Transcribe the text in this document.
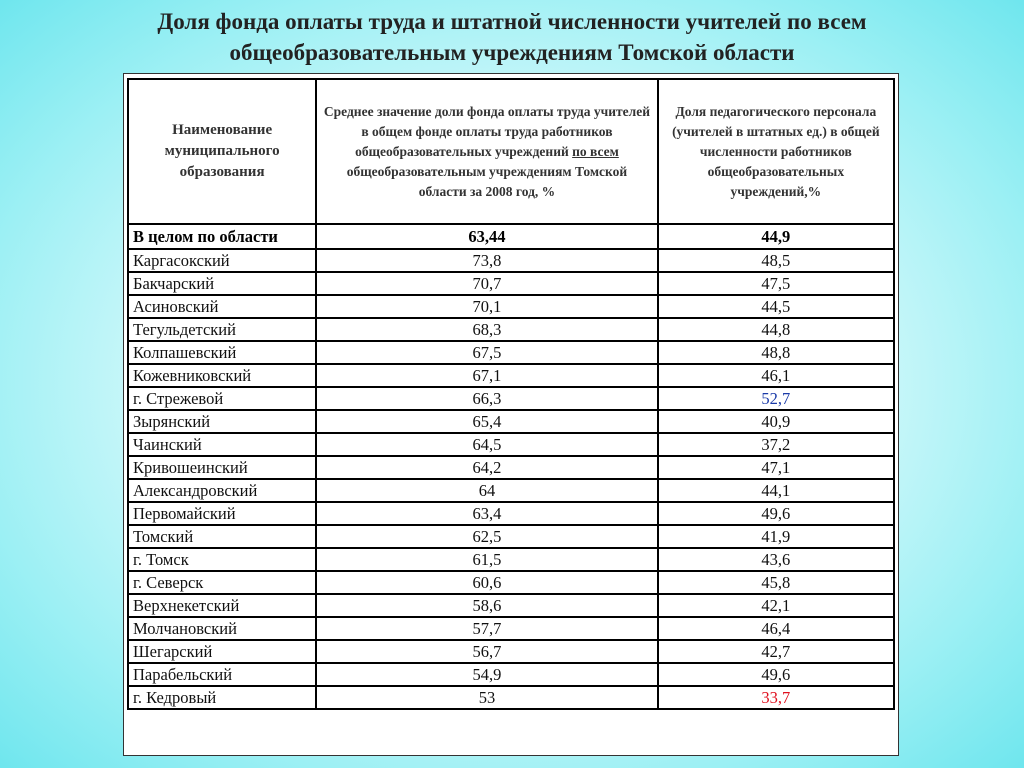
Доля фонда оплаты труда и штатной численности учителей по всем общеобразовательным учреждениям Томской области
Наименование муниципального образования	Среднее значение доли фонда оплаты труда учителей в общем фонде оплаты труда работников общеобразовательных учреждений по всем общеобразовательным учреждениям Томской области за 2008 год, %	Доля педагогического персонала (учителей в штатных ед.) в общей численности работников общеобразовательных учреждений,%
В целом по области	63,44	44,9
Каргасокский	73,8	48,5
Бакчарский	70,7	47,5
Асиновский	70,1	44,5
Тегульдетский	68,3	44,8
Колпашевский	67,5	48,8
Кожевниковский	67,1	46,1
г. Стрежевой	66,3	52,7
Зырянский	65,4	40,9
Чаинский	64,5	37,2
Кривошеинский	64,2	47,1
Александровский	64	44,1
Первомайский	63,4	49,6
Томский	62,5	41,9
г. Томск	61,5	43,6
г. Северск	60,6	45,8
Верхнекетский	58,6	42,1
Молчановский	57,7	46,4
Шегарский	56,7	42,7
Парабельский	54,9	49,6
г. Кедровый	53	33,7
